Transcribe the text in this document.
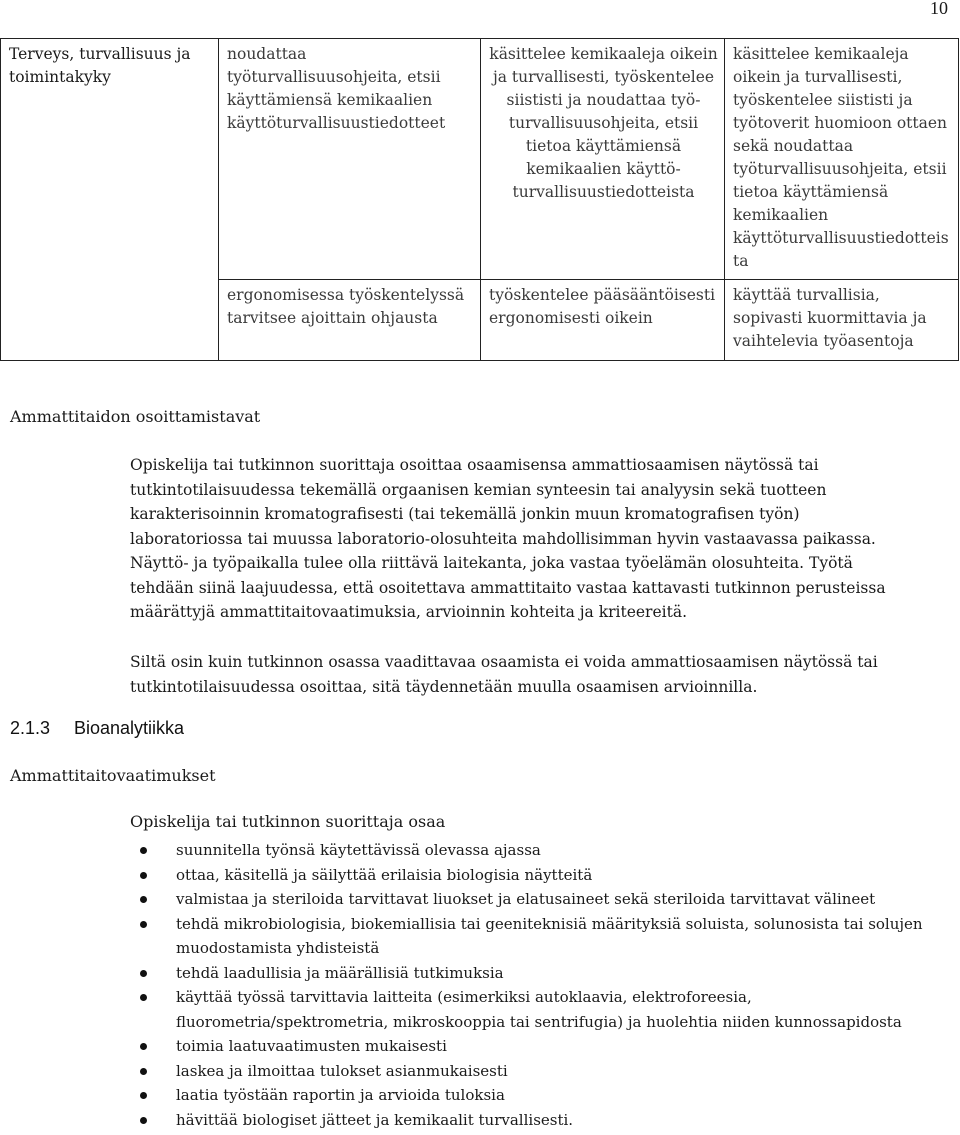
10
Terveys, turvallisuus ja toimintakyky	noudattaa työturvallisuusohjeita, etsii käyttämiensä kemikaalien käyttöturvallisuustiedotteet	käsittelee kemikaaleja oikein ja turvallisesti, työskentelee siististi ja noudattaa työ-turvallisuusohjeita, etsii tietoa käyttämiensä kemikaalien käyttö-turvallisuustiedotteista	käsittelee kemikaaleja oikein ja turvallisesti, työskentelee siististi ja työtoverit huomioon ottaen sekä noudattaa työturvallisuusohjeita, etsii tietoa käyttämiensä kemikaalien käyttöturvallisuustiedotteista
	ergonomisessa työskentelyssä tarvitsee ajoittain ohjausta	työskentelee pääsääntöisesti ergonomisesti oikein	käyttää turvallisia, sopivasti kuormittavia ja vaihtelevia työasentoja
Ammattitaidon osoittamistavat

Opiskelija tai tutkinnon suorittaja osoittaa osaamisensa ammattiosaamisen näytössä tai tutkintotilaisuudessa tekemällä orgaanisen kemian synteesin tai analyysin sekä tuotteen karakterisoinnin kromatografisesti (tai tekemällä jonkin muun kromatografisen työn) laboratoriossa tai muussa laboratorio-olosuhteita mahdollisimman hyvin vastaavassa paikassa. Näyttö- ja työpaikalla tulee olla riittävä laitekanta, joka vastaa työelämän olosuhteita. Työtä tehdään siinä laajuudessa, että osoitettava ammattitaito vastaa kattavasti tutkinnon perusteissa määrättyjä ammattitaitovaatimuksia, arvioinnin kohteita ja kriteereitä.

Siltä osin kuin tutkinnon osassa vaadittavaa osaamista ei voida ammattiosaamisen näytössä tai tutkintotilaisuudessa osoittaa, sitä täydennetään muulla osaamisen arvioinnilla.

2.1.3 Bioanalytiikka
Ammattitaitovaatimukset
Opiskelija tai tutkinnon suorittaja osaa
suunnitella työnsä käytettävissä olevassa ajassa
ottaa, käsitellä ja säilyttää erilaisia biologisia näytteitä
valmistaa ja steriloida tarvittavat liuokset ja elatusaineet sekä steriloida tarvittavat välineet
tehdä mikrobiologisia, biokemiallisia tai geeniteknisiä määrityksiä soluista, solunosista tai solujen muodostamista yhdisteistä
tehdä laadullisia ja määrällisiä tutkimuksia
käyttää työssä tarvittavia laitteita (esimerkiksi autoklaavia, elektroforeesia, fluorometria/spektrometria, mikroskooppia tai sentrifugia) ja huolehtia niiden kunnossapidosta
toimia laatuvaatimusten mukaisesti
laskea ja ilmoittaa tulokset asianmukaisesti
laatia työstään raportin ja arvioida tuloksia
hävittää biologiset jätteet ja kemikaalit turvallisesti.
